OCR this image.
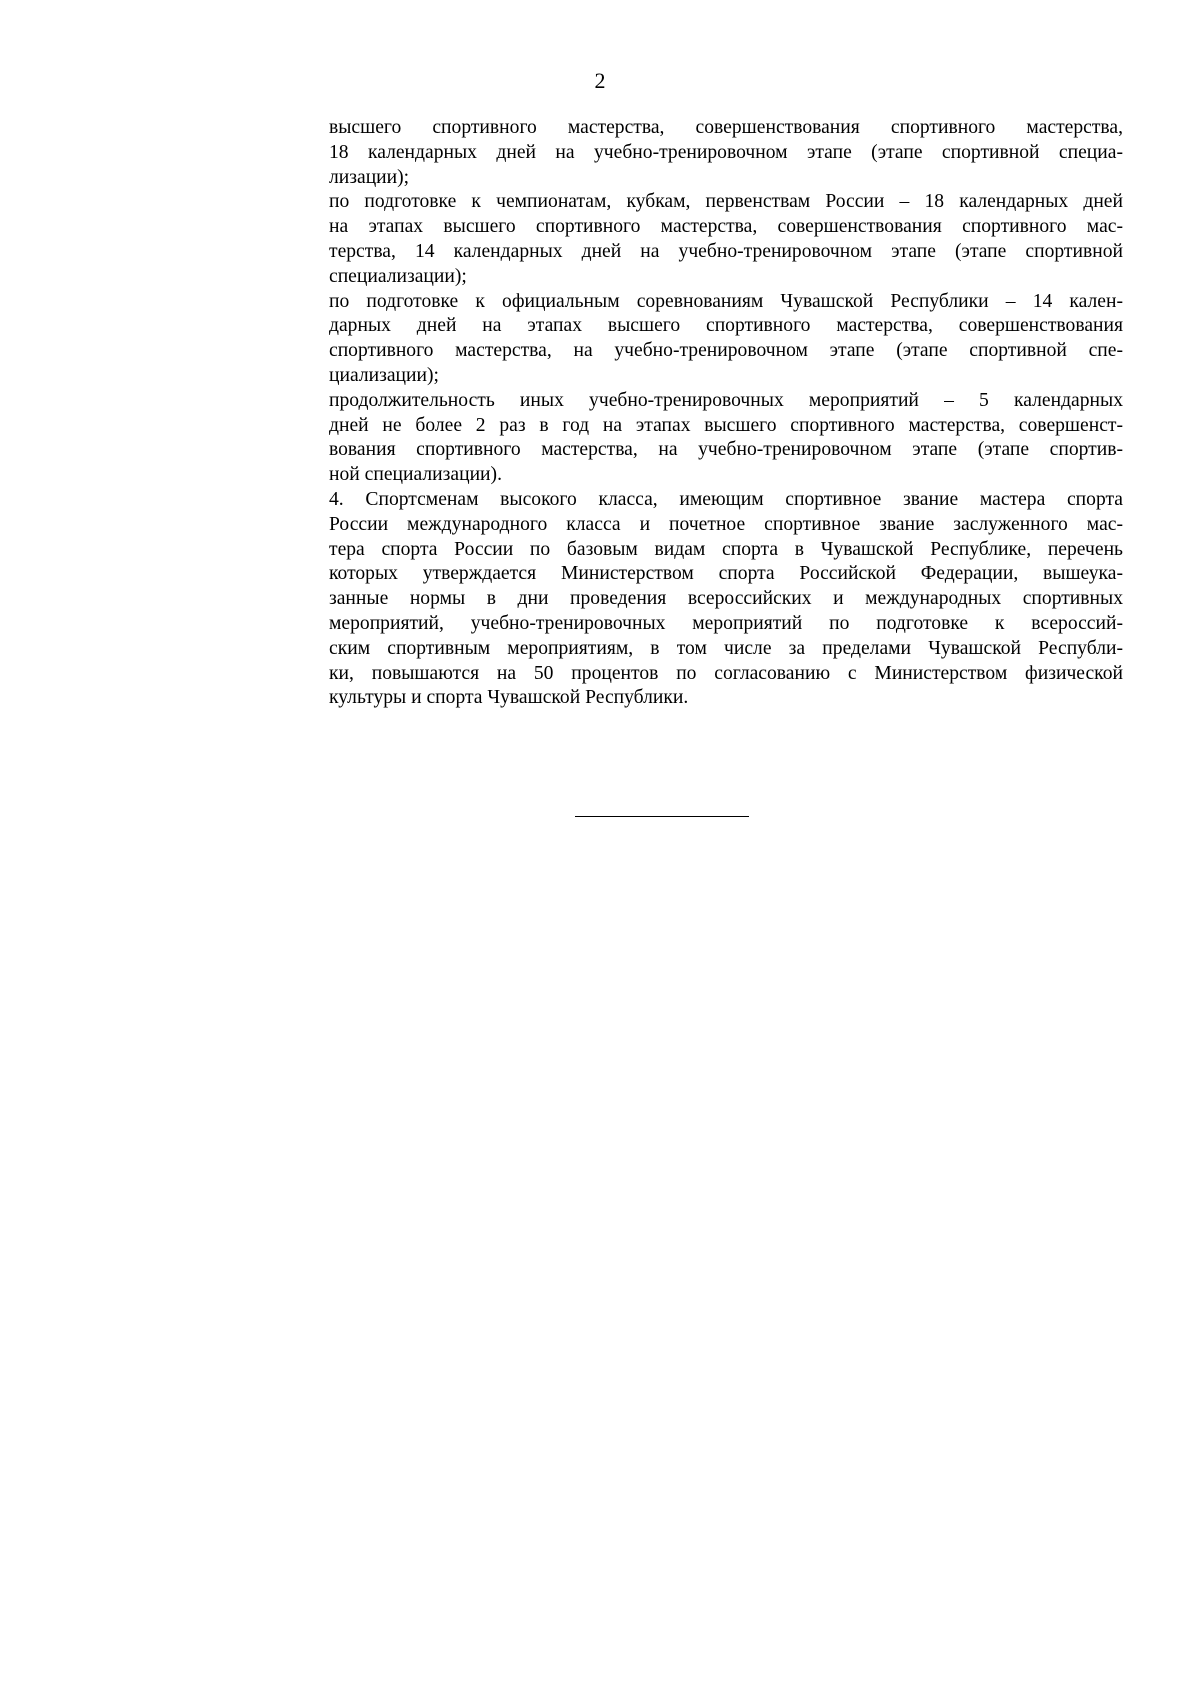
2
высшего спортивного мастерства, совершенствования спортивного мастерства,
18 календарных дней на учебно-тренировочном этапе (этапе спортивной специа-
лизации);
по подготовке к чемпионатам, кубкам, первенствам России – 18 календарных дней
на этапах высшего спортивного мастерства, совершенствования спортивного мас-
терства, 14 календарных дней на учебно-тренировочном этапе (этапе спортивной
специализации);
по подготовке к официальным соревнованиям Чувашской Республики – 14 кален-
дарных дней на этапах высшего спортивного мастерства, совершенствования
спортивного мастерства, на учебно-тренировочном этапе (этапе спортивной спе-
циализации);
продолжительность иных учебно-тренировочных мероприятий – 5 календарных
дней не более 2 раз в год на этапах высшего спортивного мастерства, совершенст-
вования спортивного мастерства, на учебно-тренировочном этапе (этапе спортив-
ной специализации).
4. Спортсменам высокого класса, имеющим спортивное звание мастера спорта
России международного класса и почетное спортивное звание заслуженного мас-
тера спорта России по базовым видам спорта в Чувашской Республике, перечень
которых утверждается Министерством спорта Российской Федерации, вышеука-
занные нормы в дни проведения всероссийских и международных спортивных
мероприятий, учебно-тренировочных мероприятий по подготовке к всероссий-
ским спортивным мероприятиям, в том числе за пределами Чувашской Республи-
ки, повышаются на 50 процентов по согласованию с Министерством физической
культуры и спорта Чувашской Республики.
